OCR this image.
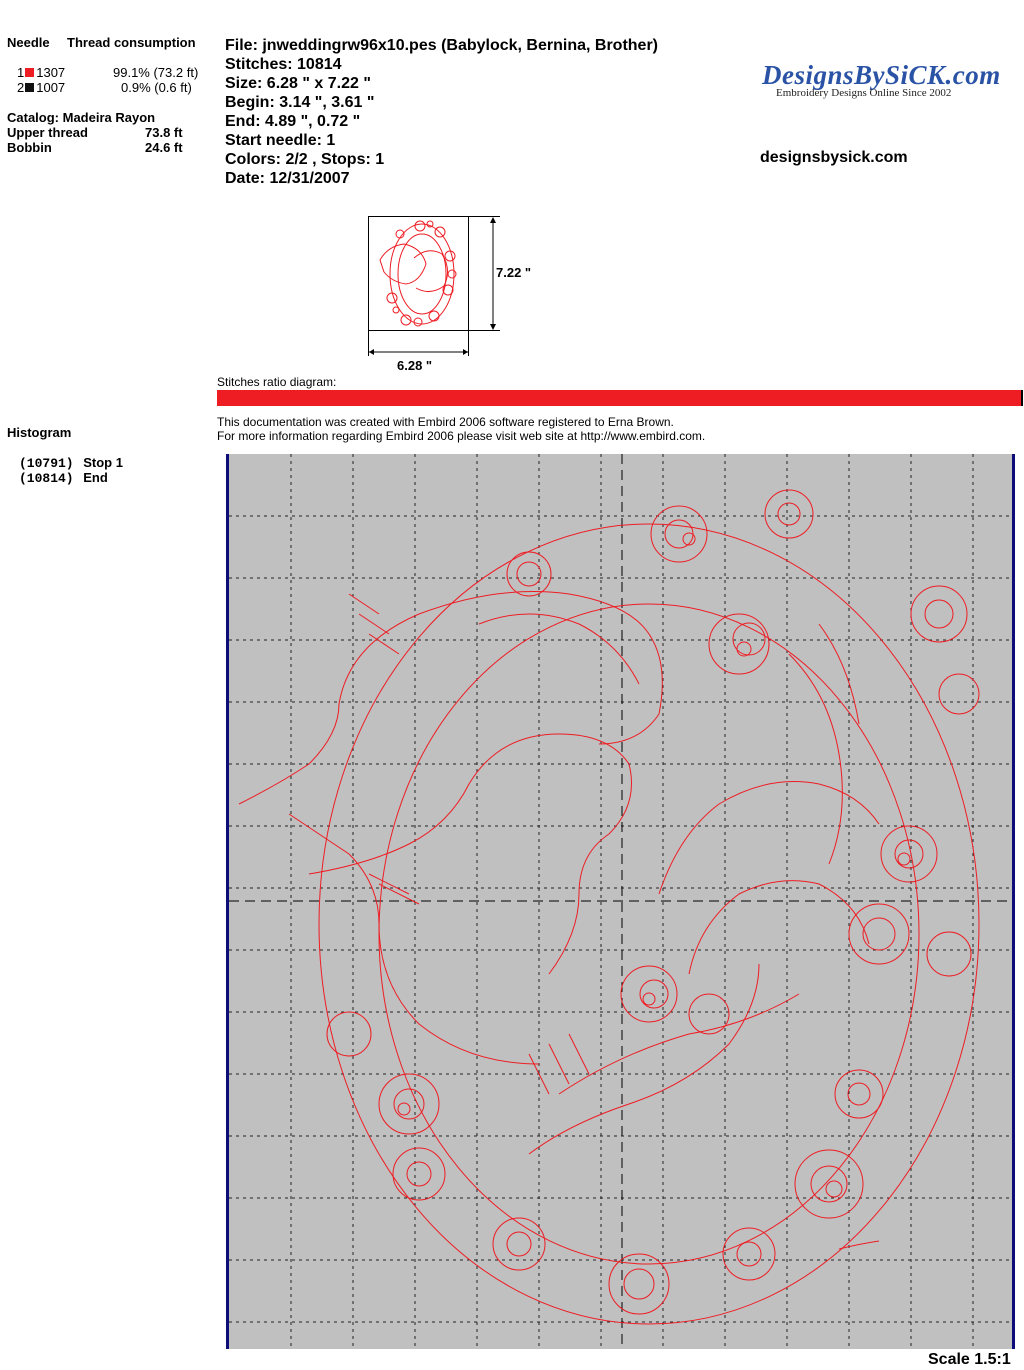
Needle Thread consumption
1 1307	99.1% (73.2 ft)
2 1007	0.9% (0.6 ft)
Catalog: Madeira Rayon
Upper thread	73.8 ft
Bobbin	24.6 ft
File: jnweddingrw96x10.pes (Babylock, Bernina, Brother)
Stitches: 10814
Size: 6.28 " x 7.22 "
Begin: 3.14 ", 3.61 "
End: 4.89 ", 0.72 "
Start needle: 1
Colors: 2/2 , Stops: 1
Date: 12/31/2007
DesignsBySiCK.com
Embroidery Designs Online Since 2002
designsbysick.com
7.22 "
6.28 "
Stitches ratio diagram:
This documentation was created with Embird 2006 software registered to Erna Brown.
For more information regarding Embird 2006 please visit web site at http://www.embird.com.
Histogram
(10791) Stop 1
(10814) End
Scale 1.5:1
